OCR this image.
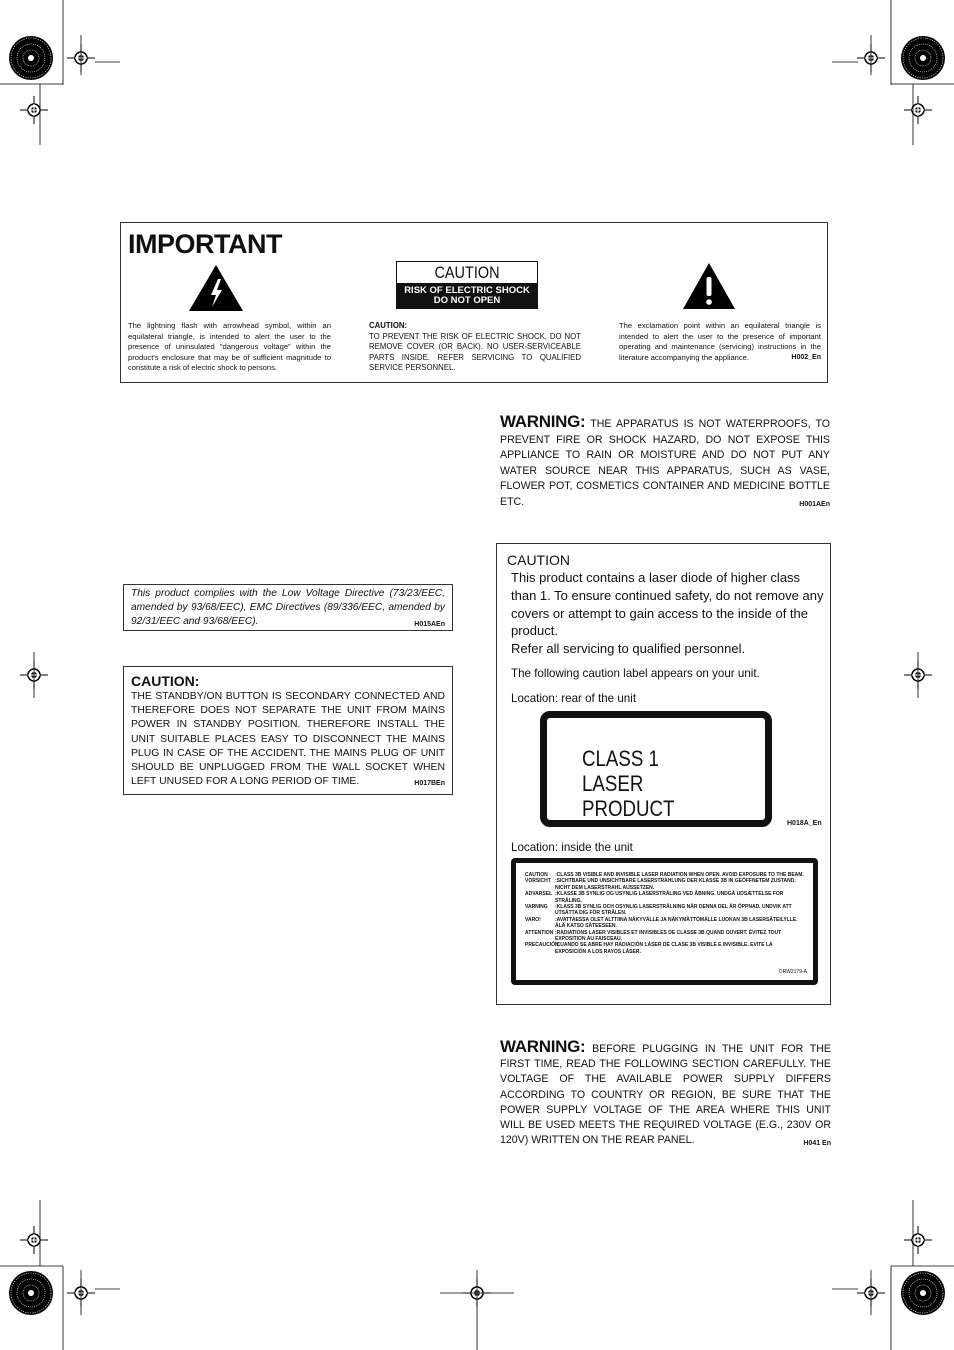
IMPORTANT
CAUTION
RISK OF ELECTRIC SHOCK
DO NOT OPEN
The lightning flash with arrowhead symbol, within an equilateral triangle, is intended to alert the user to the presence of uninsulated "dangerous voltage" within the product's enclosure that may be of sufficient magnitude to constitute a risk of electric shock to persons.
CAUTION:
TO PREVENT THE RISK OF ELECTRIC SHOCK, DO NOT REMOVE COVER (OR BACK). NO USER-SERVICEABLE PARTS INSIDE. REFER SERVICING TO QUALIFIED SERVICE PERSONNEL.
The exclamation point within an equilateral triangle is intended to alert the user to the presence of important operating and maintenance (servicing) instructions in the literature accompanying the appliance.	H002_En
WARNING: THE APPARATUS IS NOT WATERPROOFS, TO PREVENT FIRE OR SHOCK HAZARD, DO NOT EXPOSE THIS APPLIANCE TO RAIN OR MOISTURE AND DO NOT PUT ANY WATER SOURCE NEAR THIS APPARATUS, SUCH AS VASE, FLOWER POT, COSMETICS CONTAINER AND MEDICINE BOTTLE ETC.	H001AEn
This product complies with the Low Voltage Directive (73/23/EEC, amended by 93/68/EEC), EMC Directives (89/336/EEC, amended by 92/31/EEC and 93/68/EEC).	H015AEn
CAUTION:
THE STANDBY/ON BUTTON IS SECONDARY CONNECTED AND THEREFORE DOES NOT SEPARATE THE UNIT FROM MAINS POWER IN STANDBY POSITION. THEREFORE INSTALL THE UNIT SUITABLE PLACES EASY TO DISCONNECT THE MAINS PLUG IN CASE OF THE ACCIDENT. THE MAINS PLUG OF UNIT SHOULD BE UNPLUGGED FROM THE WALL SOCKET WHEN LEFT UNUSED FOR A LONG PERIOD OF TIME.	H017BEn
CAUTION
This product contains a laser diode of higher class than 1. To ensure continued safety, do not remove any covers or attempt to gain access to the inside of the product.
Refer all servicing to qualified personnel.
The following caution label appears on your unit.
Location: rear of the unit
CLASS 1
LASER PRODUCT
H018A_En
Location: inside the unit
CAUTION	:CLASS 3B VISIBLE AND INVISIBLE LASER RADIATION WHEN OPEN. AVOID EXPOSURE TO THE BEAM.
VORSICHT :SICHTBARE UND UNSICHTBARE LASERSTRAHLUNG DER KLASSE 3B IN GEÖFFNETEM ZUSTAND. NICHT DEM LASERSTRAHL AUSSETZEN.
ADVARSEL :KLASSE 3B SYNLIG OG USYNLIG LASERSTRÅLING VED ÅBNING. UNDGÅ UDSÆTTELSE FOR STRÅLING.
VARNING	:KLASS 3B SYNLIG OCH OSYNLIG LASERSTRÅLNING NÄR DENNA DEL ÄR ÖPPNAD. UNDVIK ATT UTSÄTTA DIG FÖR STRÅLEN.
VARO!	:AVATTAESSA OLET ALTTIINA NÄKYVÄLLE JA NÄKYMÄTTÖMÄLLE LUOKAN 3B LASERSÄTEILYLLE. ÄLÄ KATSO SÄTEESEEN.
ATTENTION :RADIATIONS LASER VISIBLES ET INVISIBLES DE CLASSE 3B QUAND OUVERT. ÉVITEZ TOUT EXPOSITION AU FAISCEAU.
PRECAUCIÓN
:CUANDO SE ABRE HAY RADIACIÓN LÁSER DE CLASE 3B VISIBLE E INVISIBLE. EVITE LA EXPOSICIÓN A LOS RAYOS LÁSER.
DRW2179-A
WARNING: BEFORE PLUGGING IN THE UNIT FOR THE FIRST TIME, READ THE FOLLOWING SECTION CAREFULLY. THE VOLTAGE OF THE AVAILABLE POWER SUPPLY DIFFERS ACCORDING TO COUNTRY OR REGION, BE SURE THAT THE POWER SUPPLY VOLTAGE OF THE AREA WHERE THIS UNIT WILL BE USED MEETS THE REQUIRED VOLTAGE (E.G., 230V OR 120V) WRITTEN ON THE REAR PANEL.	H041 En
